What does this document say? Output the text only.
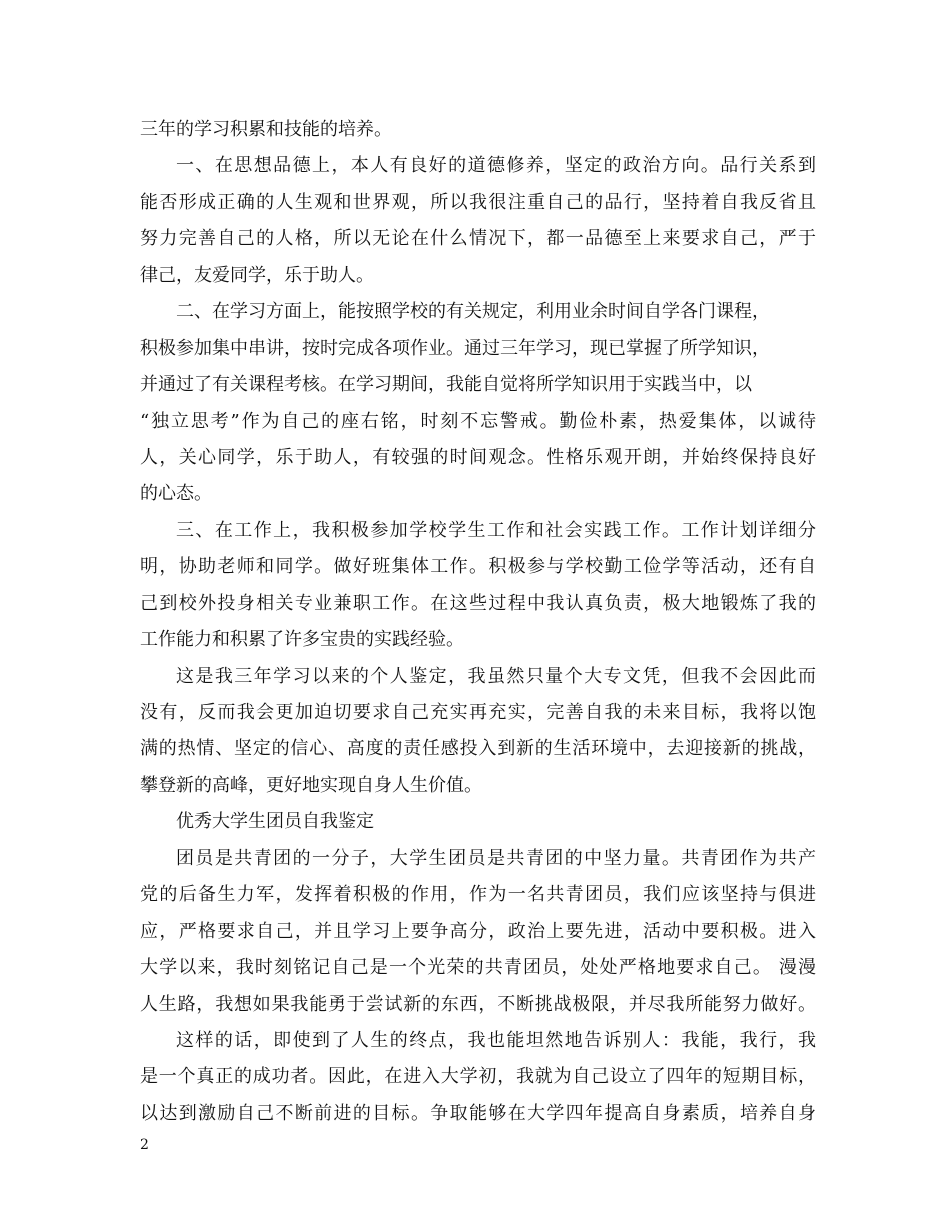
三年的学习积累和技能的培养。
一、在思想品德上，本人有良好的道德修养，坚定的政治方向。品行关系到
能否形成正确的人生观和世界观，所以我很注重自己的品行，坚持着自我反省且
努力完善自己的人格，所以无论在什么情况下，都一品德至上来要求自己，严于
律己，友爱同学，乐于助人。
二、在学习方面上，能按照学校的有关规定，利用业余时间自学各门课程，
积极参加集中串讲，按时完成各项作业。通过三年学习，现已掌握了所学知识，
并通过了有关课程考核。在学习期间，我能自觉将所学知识用于实践当中，以
“独立思考”作为自己的座右铭，时刻不忘警戒。勤俭朴素，热爱集体，以诚待
人，关心同学，乐于助人，有较强的时间观念。性格乐观开朗，并始终保持良好
的心态。
三、在工作上，我积极参加学校学生工作和社会实践工作。工作计划详细分
明，协助老师和同学。做好班集体工作。积极参与学校勤工俭学等活动，还有自
己到校外投身相关专业兼职工作。在这些过程中我认真负责，极大地锻炼了我的
工作能力和积累了许多宝贵的实践经验。
这是我三年学习以来的个人鉴定，我虽然只量个大专文凭，但我不会因此而
没有，反而我会更加迫切要求自己充实再充实，完善自我的未来目标，我将以饱
满的热情、坚定的信心、高度的责任感投入到新的生活环境中，去迎接新的挑战，
攀登新的高峰，更好地实现自身人生价值。
优秀大学生团员自我鉴定
团员是共青团的一分子，大学生团员是共青团的中坚力量。共青团作为共产
党的后备生力军，发挥着积极的作用，作为一名共青团员，我们应该坚持与俱进
应，严格要求自己，并且学习上要争高分，政治上要先进，活动中要积极。进入
大学以来，我时刻铭记自己是一个光荣的共青团员，处处严格地要求自己。 漫漫
人生路，我想如果我能勇于尝试新的东西，不断挑战极限，并尽我所能努力做好。
这样的话，即使到了人生的终点，我也能坦然地告诉别人：我能，我行，我
是一个真正的成功者。因此，在进入大学初，我就为自己设立了四年的短期目标，
以达到激励自己不断前进的目标。争取能够在大学四年提高自身素质，培养自身
2
